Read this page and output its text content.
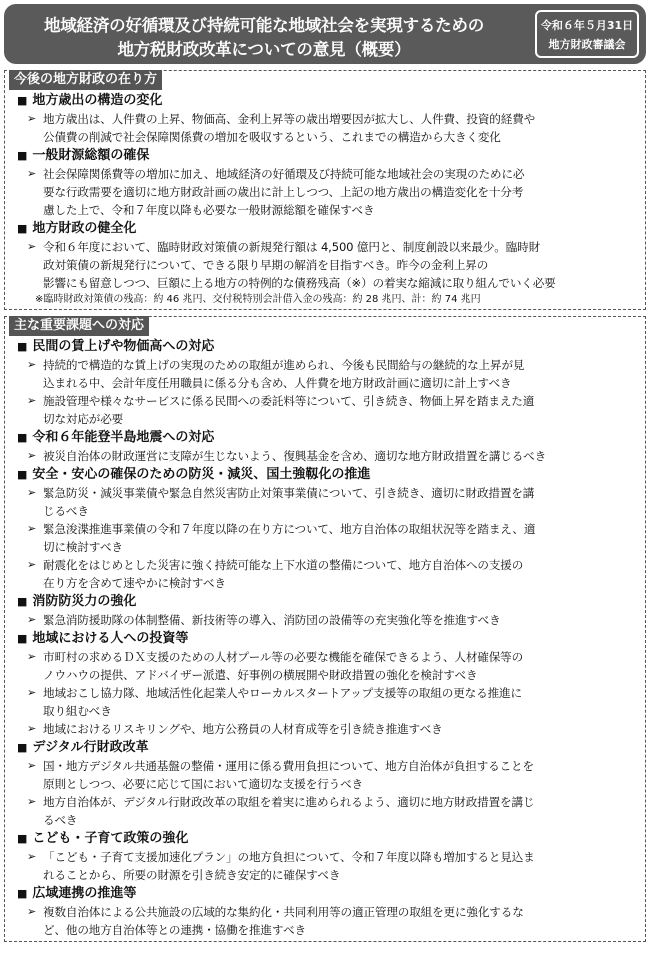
地域経済の好循環及び持続可能な地域社会を実現するための
地方税財政改革についての意見（概要）
令和６年５月31日
地方財政審議会
今後の地方財政の在り方
■ 地方歳出の構造の変化
➢ 地方歳出は、人件費の上昇、物価高、金利上昇等の歳出増要因が拡大し、人件費、投資的経費や
公債費の削減で社会保障関係費の増加を吸収するという、これまでの構造から大きく変化
■ 一般財源総額の確保
➢ 社会保障関係費等の増加に加え、地域経済の好循環及び持続可能な地域社会の実現のために必
要な行政需要を適切に地方財政計画の歳出に計上しつつ、上記の地方歳出の構造変化を十分考
慮した上で、令和７年度以降も必要な一般財源総額を確保すべき
■ 地方財政の健全化
➢ 令和６年度において、臨時財政対策債の新規発行額は 4,500 億円と、制度創設以来最少。臨時財
政対策債の新規発行について、できる限り早期の解消を目指すべき。昨今の金利上昇の
影響にも留意しつつ、巨額に上る地方の特例的な債務残高（※）の着実な縮減に取り組んでいく必要
※臨時財政対策債の残高：約 46 兆円、交付税特別会計借入金の残高：約 28 兆円、計：約 74 兆円
主な重要課題への対応
■ 民間の賃上げや物価高への対応
➢ 持続的で構造的な賃上げの実現のための取組が進められ、今後も民間給与の継続的な上昇が見
込まれる中、会計年度任用職員に係る分も含め、人件費を地方財政計画に適切に計上すべき
➢ 施設管理や様々なサービスに係る民間への委託料等について、引き続き、物価上昇を踏まえた適
切な対応が必要
■ 令和６年能登半島地震への対応
➢ 被災自治体の財政運営に支障が生じないよう、復興基金を含め、適切な地方財政措置を講じるべき
■ 安全・安心の確保のための防災・減災、国土強靱化の推進
➢ 緊急防災・減災事業債や緊急自然災害防止対策事業債について、引き続き、適切に財政措置を講
じるべき
➢ 緊急浚渫推進事業債の令和７年度以降の在り方について、地方自治体の取組状況等を踏まえ、適
切に検討すべき
➢ 耐震化をはじめとした災害に強く持続可能な上下水道の整備について、地方自治体への支援の
在り方を含めて速やかに検討すべき
■ 消防防災力の強化
➢ 緊急消防援助隊の体制整備、新技術等の導入、消防団の設備等の充実強化等を推進すべき
■ 地域における人への投資等
➢ 市町村の求めるＤＸ支援のための人材プール等の必要な機能を確保できるよう、人材確保等の
ノウハウの提供、アドバイザー派遣、好事例の横展開や財政措置の強化を検討すべき
➢ 地域おこし協力隊、地域活性化起業人やローカルスタートアップ支援等の取組の更なる推進に
取り組むべき
➢ 地域におけるリスキリングや、地方公務員の人材育成等を引き続き推進すべき
■ デジタル行財政改革
➢ 国・地方デジタル共通基盤の整備・運用に係る費用負担について、地方自治体が負担することを
原則としつつ、必要に応じて国において適切な支援を行うべき
➢ 地方自治体が、デジタル行財政改革の取組を着実に進められるよう、適切に地方財政措置を講じ
るべき
■ こども・子育て政策の強化
➢ 「こども・子育て支援加速化プラン」の地方負担について、令和７年度以降も増加すると見込ま
れることから、所要の財源を引き続き安定的に確保すべき
■ 広域連携の推進等
➢ 複数自治体による公共施設の広域的な集約化・共同利用等の適正管理の取組を更に強化するな
ど、他の地方自治体等との連携・協働を推進すべき
